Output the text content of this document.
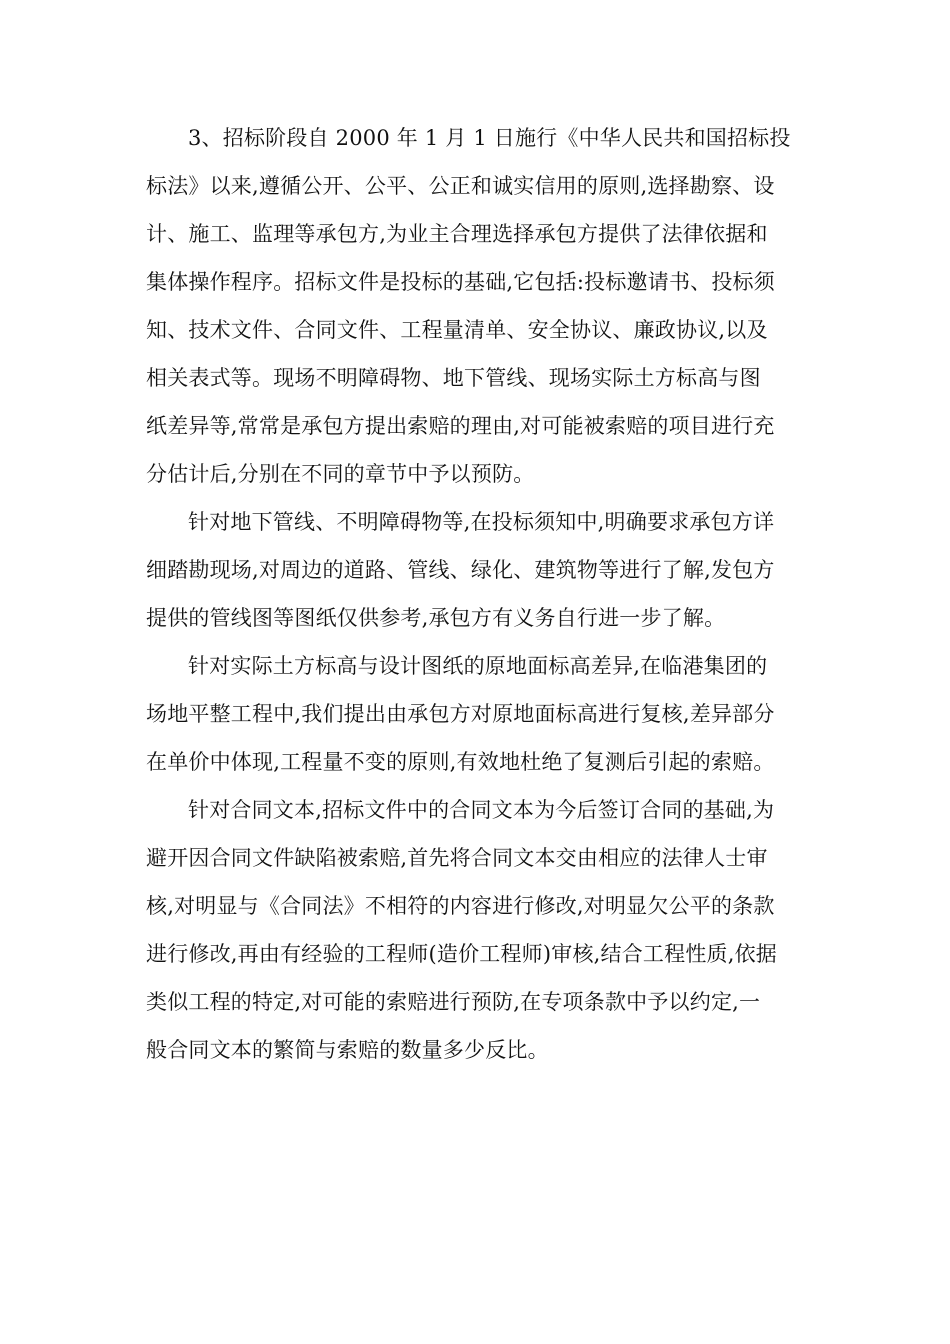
3、招标阶段自 2000 年 1 月 1 日施行《中华人民共和国招标投
标法》以来,遵循公开、公平、公正和诚实信用的原则,选择勘察、设
计、施工、监理等承包方,为业主合理选择承包方提供了法律依据和
集体操作程序。招标文件是投标的基础,它包括:投标邀请书、投标须
知、技术文件、合同文件、工程量清单、安全协议、廉政协议,以及
相关表式等。现场不明障碍物、地下管线、现场实际土方标高与图
纸差异等,常常是承包方提出索赔的理由,对可能被索赔的项目进行充
分估计后,分别在不同的章节中予以预防。
针对地下管线、不明障碍物等,在投标须知中,明确要求承包方详
细踏勘现场,对周边的道路、管线、绿化、建筑物等进行了解,发包方
提供的管线图等图纸仅供参考,承包方有义务自行进一步了解。
针对实际土方标高与设计图纸的原地面标高差异,在临港集团的
场地平整工程中,我们提出由承包方对原地面标高进行复核,差异部分
在单价中体现,工程量不变的原则,有效地杜绝了复测后引起的索赔。
针对合同文本,招标文件中的合同文本为今后签订合同的基础,为
避开因合同文件缺陷被索赔,首先将合同文本交由相应的法律人士审
核,对明显与《合同法》不相符的内容进行修改,对明显欠公平的条款
进行修改,再由有经验的工程师(造价工程师)审核,结合工程性质,依据
类似工程的特定,对可能的索赔进行预防,在专项条款中予以约定,一
般合同文本的繁简与索赔的数量多少反比。
